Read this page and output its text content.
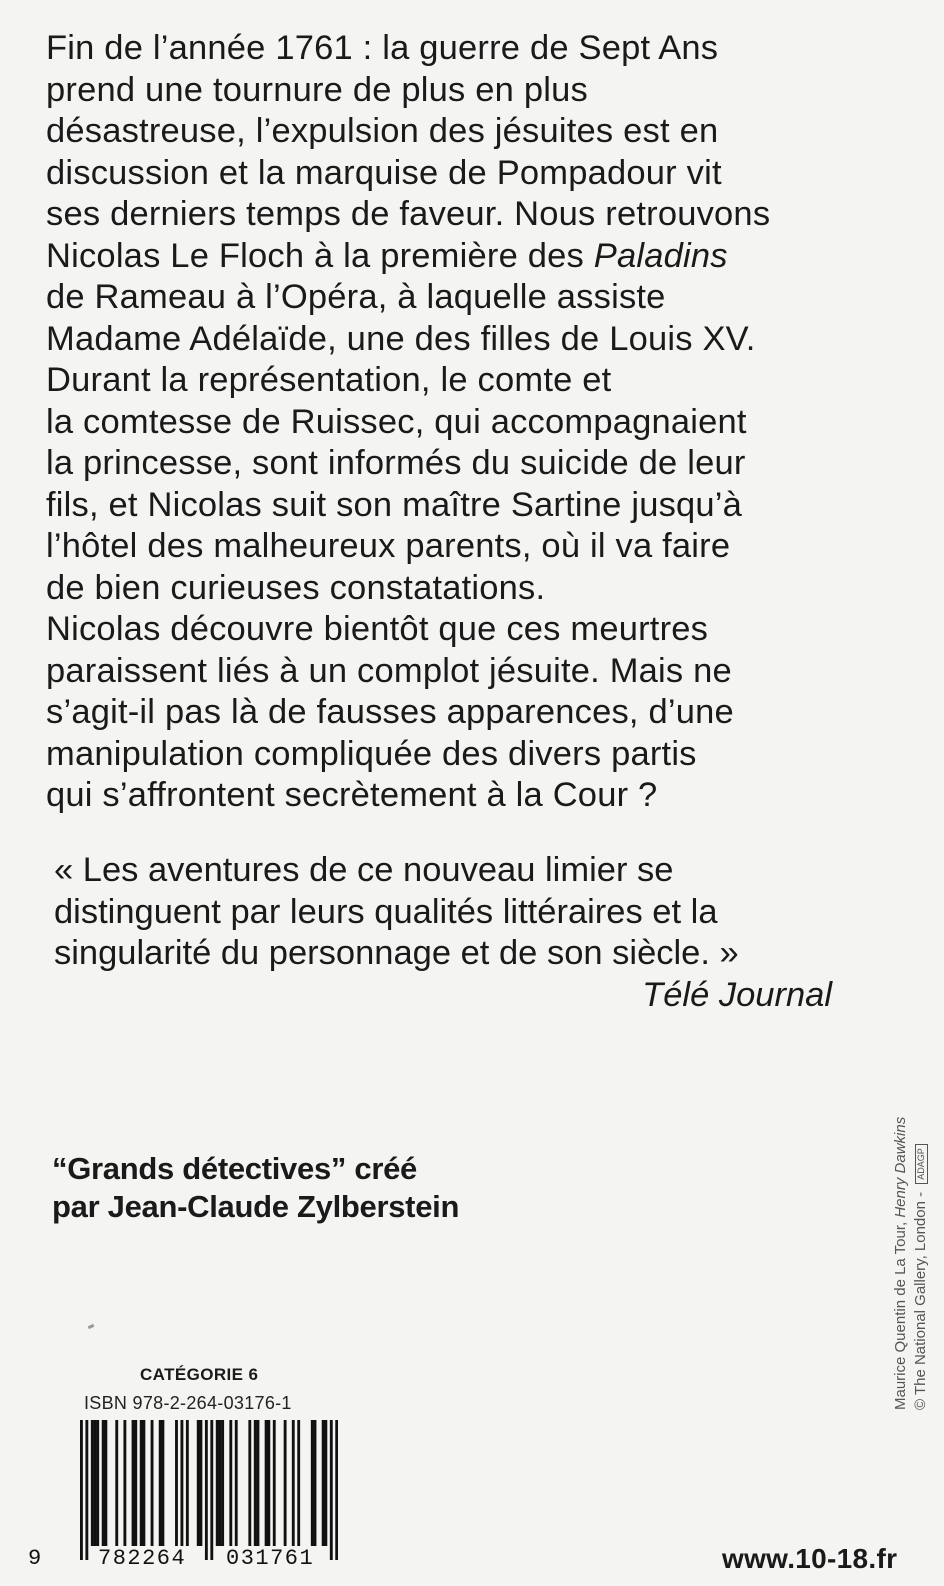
Fin de l’année 1761 : la guerre de Sept Ans
prend une tournure de plus en plus
désastreuse, l’expulsion des jésuites est en
discussion et la marquise de Pompadour vit
ses derniers temps de faveur. Nous retrouvons
Nicolas Le Floch à la première des Paladins
de Rameau à l’Opéra, à laquelle assiste
Madame Adélaïde, une des filles de Louis XV.
Durant la représentation, le comte et
la comtesse de Ruissec, qui accompagnaient
la princesse, sont informés du suicide de leur
fils, et Nicolas suit son maître Sartine jusqu’à
l’hôtel des malheureux parents, où il va faire
de bien curieuses constatations.
Nicolas découvre bientôt que ces meurtres
paraissent liés à un complot jésuite. Mais ne
s’agit-il pas là de fausses apparences, d’une
manipulation compliquée des divers partis
qui s’affrontent secrètement à la Cour ?
« Les aventures de ce nouveau limier se
distinguent par leurs qualités littéraires et la
singularité du personnage et de son siècle. »
Télé Journal
“Grands détectives” créé
par Jean-Claude Zylberstein
Maurice Quentin de La Tour, Henry Dawkins
© The National Gallery, London - ADAGP
CATÉGORIE 6
ISBN 978-2-264-03176-1
9	782264 031761	www.10-18.fr
